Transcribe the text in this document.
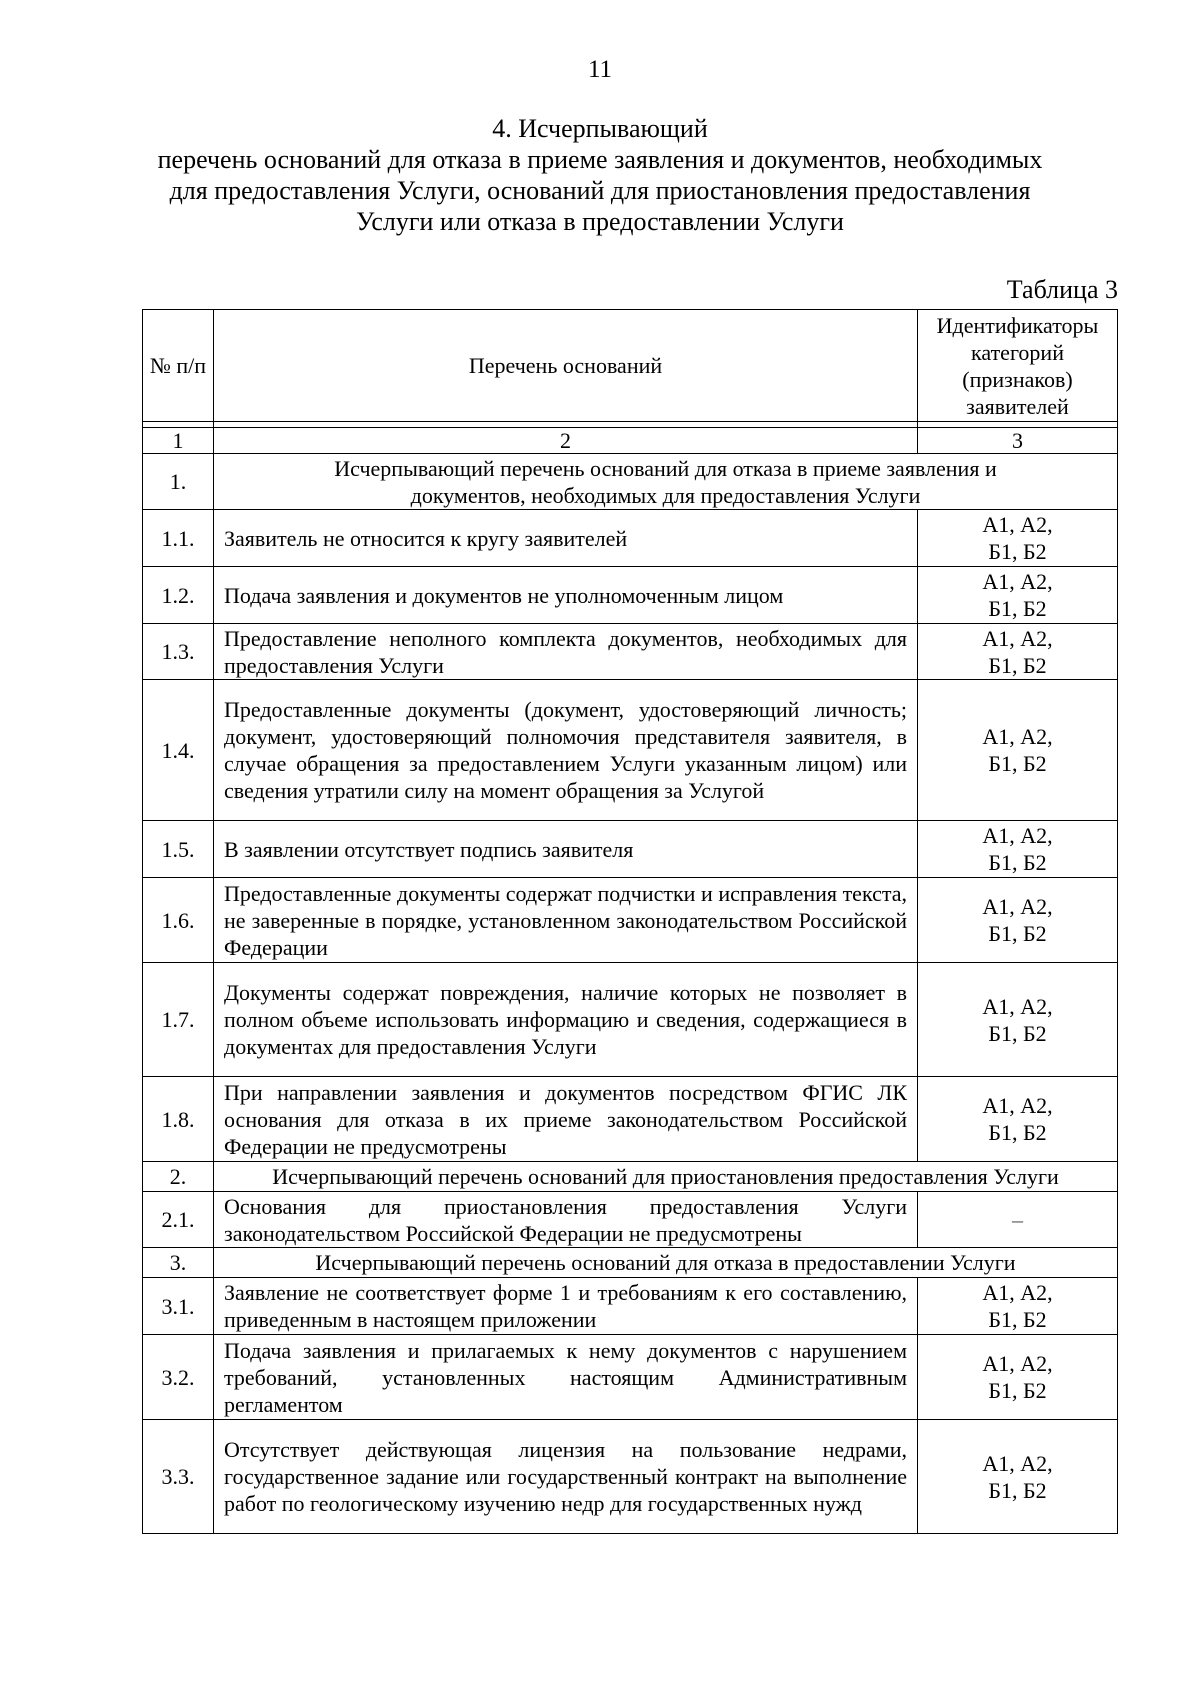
11
4. Исчерпывающий
перечень оснований для отказа в приеме заявления и документов, необходимых
для предоставления Услуги, оснований для приостановления предоставления
Услуги или отказа в предоставлении Услуги
Таблица 3
№ п/п	Перечень оснований	Идентификаторы категорий (признаков) заявителей

1	2	3
1.	Исчерпывающий перечень оснований для отказа в приеме заявления и документов, необходимых для предоставления Услуги	
1.1.	Заявитель не относится к кругу заявителей	А1, А2, Б1, Б2
1.2.	Подача заявления и документов не уполномоченным лицом	А1, А2, Б1, Б2
1.3.	Предоставление неполного комплекта документов, необходимых для предоставления Услуги	А1, А2, Б1, Б2
1.4.	Предоставленные документы (документ, удостоверяющий личность; документ, удостоверяющий полномочия представителя заявителя, в случае обращения за предоставлением Услуги указанным лицом) или сведения утратили силу на момент обращения за Услугой	А1, А2, Б1, Б2
1.5.	В заявлении отсутствует подпись заявителя	А1, А2, Б1, Б2
1.6.	Предоставленные документы содержат подчистки и исправления текста, не заверенные в порядке, установленном законодательством Российской Федерации	А1, А2, Б1, Б2
1.7.	Документы содержат повреждения, наличие которых не позволяет в полном объеме использовать информацию и сведения, содержащиеся в документах для предоставления Услуги	А1, А2, Б1, Б2
1.8.	При направлении заявления и документов посредством ФГИС ЛК основания для отказа в их приеме законодательством Российской Федерации не предусмотрены	А1, А2, Б1, Б2
2.	Исчерпывающий перечень оснований для приостановления предоставления Услуги	
2.1.	Основания для приостановления предоставления Услуги законодательством Российской Федерации не предусмотрены	–
3.	Исчерпывающий перечень оснований для отказа в предоставлении Услуги	
3.1.	Заявление не соответствует форме 1 и требованиям к его составлению, приведенным в настоящем приложении	А1, А2, Б1, Б2
3.2.	Подача заявления и прилагаемых к нему документов с нарушением требований, установленных настоящим Административным регламентом	А1, А2, Б1, Б2
3.3.	Отсутствует действующая лицензия на пользование недрами, государственное задание или государственный контракт на выполнение работ по геологическому изучению недр для государственных нужд	А1, А2, Б1, Б2
